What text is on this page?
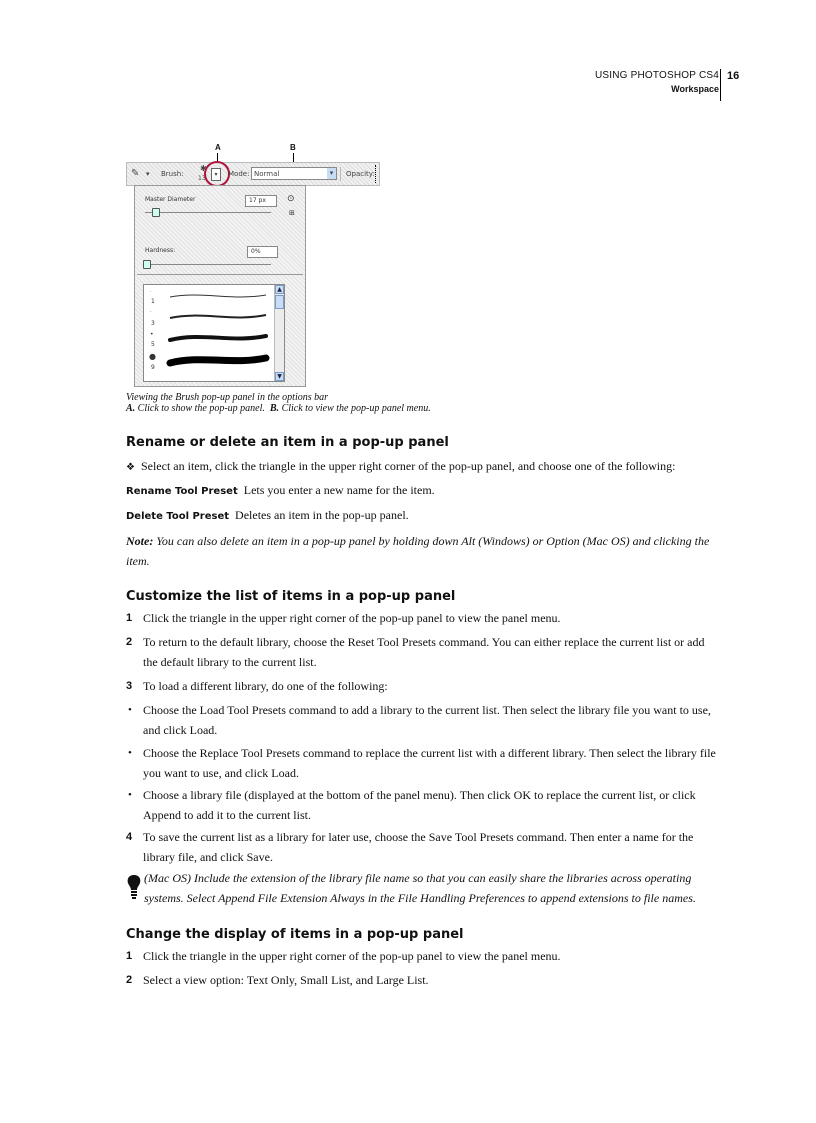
USING PHOTOSHOP CS4
Workspace
16
A	B
✎ ▾ Brush:
✱
13
▾	Mode: Normal	▾	Opacity:
Master Diameter	17 px	⊙
⊞
Hardness:	0%
·
1
·
3
•
5
●
9
▲
▼
Viewing the Brush pop-up panel in the options bar
A. Click to show the pop-up panel. B. Click to view the pop-up panel menu.
Rename or delete an item in a pop-up panel

❖ Select an item, click the triangle in the upper right corner of the pop-up panel, and choose one of the following:

Rename Tool Preset Lets you enter a new name for the item.

Delete Tool Preset Deletes an item in the pop-up panel.

Note: You can also delete an item in a pop-up panel by holding down Alt (Windows) or Option (Mac OS) and clicking the item.

Customize the list of items in a pop-up panel
1 Click the triangle in the upper right corner of the pop-up panel to view the panel menu.

2 To return to the default library, choose the Reset Tool Presets command. You can either replace the current list or add the default library to the current list.

3 To load a different library, do one of the following:

• Choose the Load Tool Presets command to add a library to the current list. Then select the library file you want to use, and click Load.

• Choose the Replace Tool Presets command to replace the current list with a different library. Then select the library file you want to use, and click Load.

• Choose a library file (displayed at the bottom of the panel menu). Then click OK to replace the current list, or click Append to add it to the current list.

4 To save the current list as a library for later use, choose the Save Tool Presets command. Then enter a name for the library file, and click Save.

(Mac OS) Include the extension of the library file name so that you can easily share the libraries across operating systems. Select Append File Extension Always in the File Handling Preferences to append extensions to file names.

Change the display of items in a pop-up panel
1 Click the triangle in the upper right corner of the pop-up panel to view the panel menu.

2 Select a view option: Text Only, Small List, and Large List.
